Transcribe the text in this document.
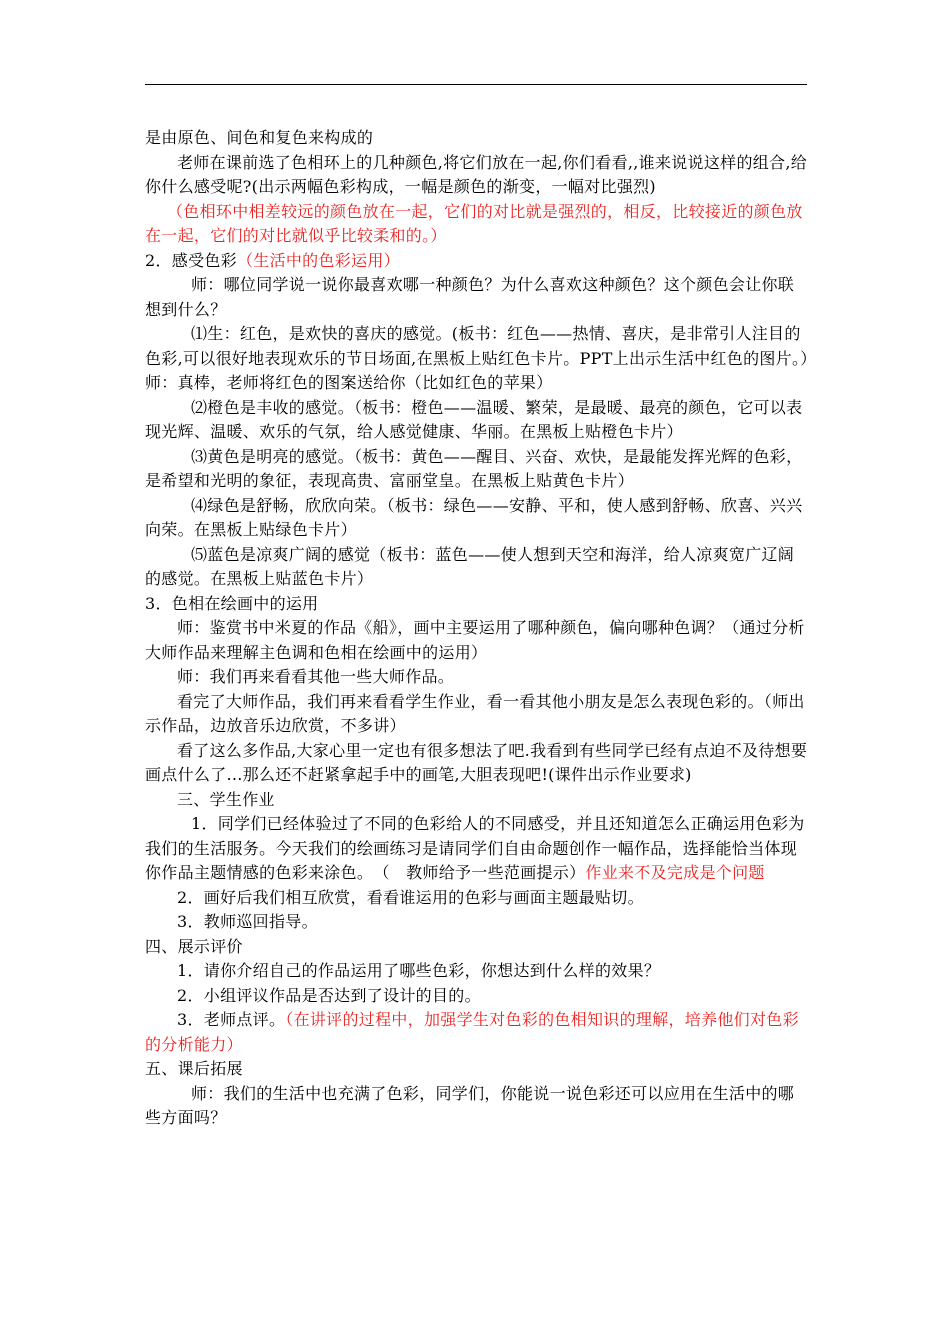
是由原色、间色和复色来构成的

老师在课前选了色相环上的几种颜色,将它们放在一起,你们看看,,谁来说说这样的组合,给你什么感受呢?(出示两幅色彩构成，一幅是颜色的渐变，一幅对比强烈)

（色相环中相差较远的颜色放在一起，它们的对比就是强烈的，相反，比较接近的颜色放在一起，它们的对比就似乎比较柔和的。）

2．感受色彩（生活中的色彩运用）

师：哪位同学说一说你最喜欢哪一种颜色？为什么喜欢这种颜色？这个颜色会让你联想到什么？

⑴生：红色，是欢快的喜庆的感觉。(板书：红色——热情、喜庆，是非常引人注目的色彩,可以很好地表现欢乐的节日场面,在黑板上贴红色卡片。PPT上出示生活中红色的图片。）师：真棒，老师将红色的图案送给你（比如红色的苹果）

⑵橙色是丰收的感觉。（板书：橙色——温暖、繁荣，是最暖、最亮的颜色，它可以表现光辉、温暖、欢乐的气氛，给人感觉健康、华丽。在黑板上贴橙色卡片）

⑶黄色是明亮的感觉。（板书：黄色——醒目、兴奋、欢快，是最能发挥光辉的色彩，是希望和光明的象征，表现高贵、富丽堂皇。在黑板上贴黄色卡片）

⑷绿色是舒畅，欣欣向荣。（板书：绿色——安静、平和，使人感到舒畅、欣喜、兴兴向荣。在黑板上贴绿色卡片）

⑸蓝色是凉爽广阔的感觉（板书：蓝色——使人想到天空和海洋，给人凉爽宽广辽阔的感觉。在黑板上贴蓝色卡片）

3．色相在绘画中的运用

师：鉴赏书中米夏的作品《船》，画中主要运用了哪种颜色，偏向哪种色调？（通过分析大师作品来理解主色调和色相在绘画中的运用）

师：我们再来看看其他一些大师作品。

看完了大师作品，我们再来看看学生作业，看一看其他小朋友是怎么表现色彩的。（师出示作品，边放音乐边欣赏，不多讲）

看了这么多作品,大家心里一定也有很多想法了吧.我看到有些同学已经有点迫不及待想要画点什么了...那么还不赶紧拿起手中的画笔,大胆表现吧!(课件出示作业要求)

三、学生作业

1．同学们已经体验过了不同的色彩给人的不同感受，并且还知道怎么正确运用色彩为我们的生活服务。今天我们的绘画练习是请同学们自由命题创作一幅作品，选择能恰当体现你作品主题情感的色彩来涂色。　（　教师给予一些范画提示）作业来不及完成是个问题

2．画好后我们相互欣赏，看看谁运用的色彩与画面主题最贴切。

3．教师巡回指导。

四、展示评价

1．请你介绍自己的作品运用了哪些色彩，你想达到什么样的效果？

2．小组评议作品是否达到了设计的目的。

3．老师点评。（在讲评的过程中，加强学生对色彩的色相知识的理解，培养他们对色彩的分析能力）

五、课后拓展

师：我们的生活中也充满了色彩，同学们，你能说一说色彩还可以应用在生活中的哪些方面吗？
